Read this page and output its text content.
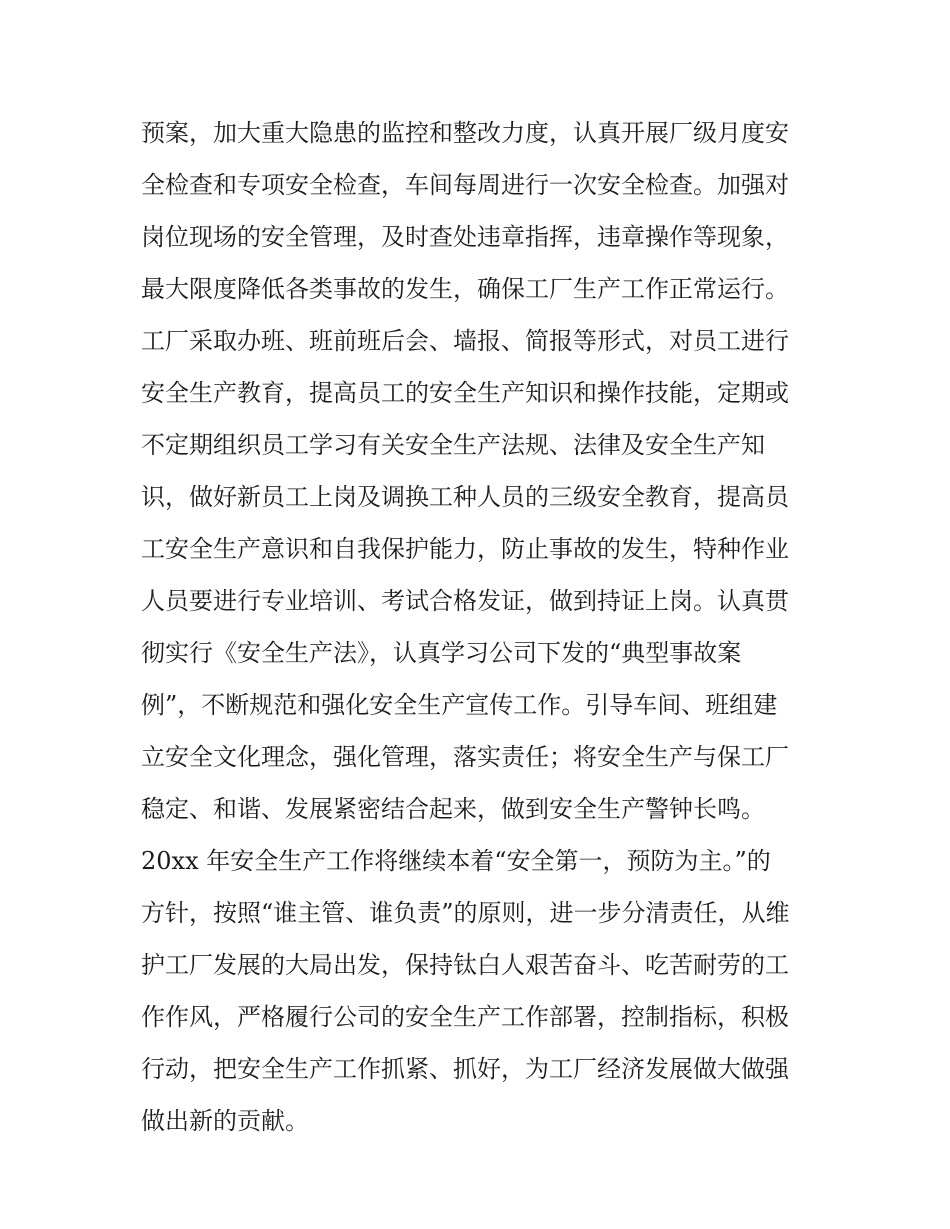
预案，加大重大隐患的监控和整改力度，认真开展厂级月度安
全检查和专项安全检查，车间每周进行一次安全检查。加强对
岗位现场的安全管理，及时查处违章指挥，违章操作等现象，
最大限度降低各类事故的发生，确保工厂生产工作正常运行。
工厂采取办班、班前班后会、墙报、简报等形式，对员工进行
安全生产教育，提高员工的安全生产知识和操作技能，定期或
不定期组织员工学习有关安全生产法规、法律及安全生产知
识，做好新员工上岗及调换工种人员的三级安全教育，提高员
工安全生产意识和自我保护能力，防止事故的发生，特种作业
人员要进行专业培训、考试合格发证，做到持证上岗。认真贯
彻实行《安全生产法》，认真学习公司下发的“典型事故案
例”，不断规范和强化安全生产宣传工作。引导车间、班组建
立安全文化理念，强化管理，落实责任；将安全生产与保工厂
稳定、和谐、发展紧密结合起来，做到安全生产警钟长鸣。
20xx 年安全生产工作将继续本着“安全第一，预防为主。”的
方针，按照“谁主管、谁负责”的原则，进一步分清责任，从维
护工厂发展的大局出发，保持钛白人艰苦奋斗、吃苦耐劳的工
作作风，严格履行公司的安全生产工作部署，控制指标，积极
行动，把安全生产工作抓紧、抓好，为工厂经济发展做大做强
做出新的贡献。
